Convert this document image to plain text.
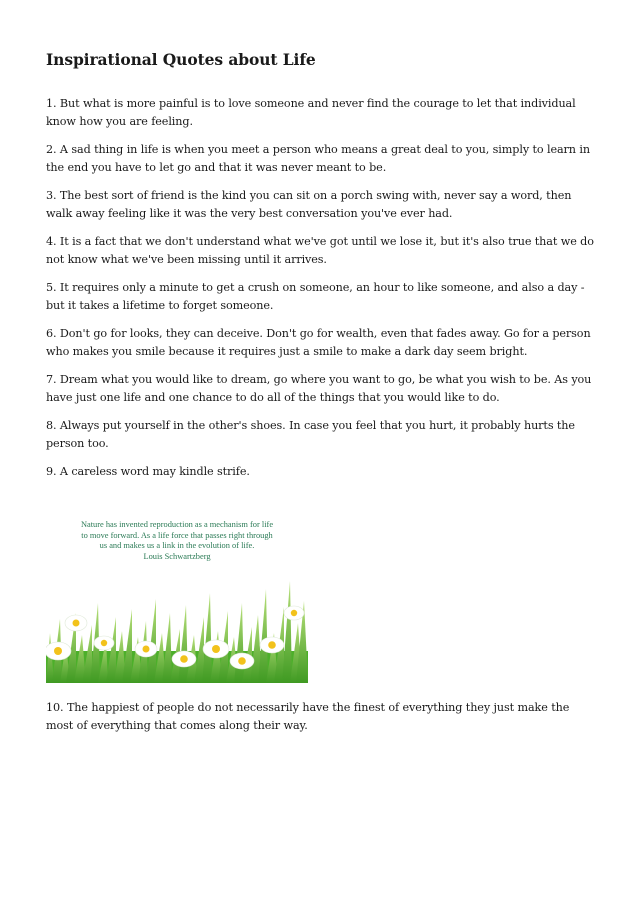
Inspirational Quotes about Life

1. But what is more painful is to love someone and never find the courage to let that individual know how you are feeling.

2. A sad thing in life is when you meet a person who means a great deal to you, simply to learn in the end you have to let go and that it was never meant to be.

3. The best sort of friend is the kind you can sit on a porch swing with, never say a word, then walk away feeling like it was the very best conversation you've ever had.

4. It is a fact that we don't understand what we've got until we lose it, but it's also true that we do not know what we've been missing until it arrives.

5. It requires only a minute to get a crush on someone, an hour to like someone, and also a day -but it takes a lifetime to forget someone.

6. Don't go for looks, they can deceive. Don't go for wealth, even that fades away. Go for a person who makes you smile because it requires just a smile to make a dark day seem bright.

7. Dream what you would like to dream, go where you want to go, be what you wish to be. As you have just one life and one chance to do all of the things that you would like to do.

8. Always put yourself in the other's shoes. In case you feel that you hurt, it probably hurts the person too.

9. A careless word may kindle strife.

Nature has invented reproduction as a mechanism for life
to move forward. As a life force that passes right through
us and makes us a link in the evolution of life.
Louis Schwartzberg

10. The happiest of people do not necessarily have the finest of everything they just make the most of everything that comes along their way.
